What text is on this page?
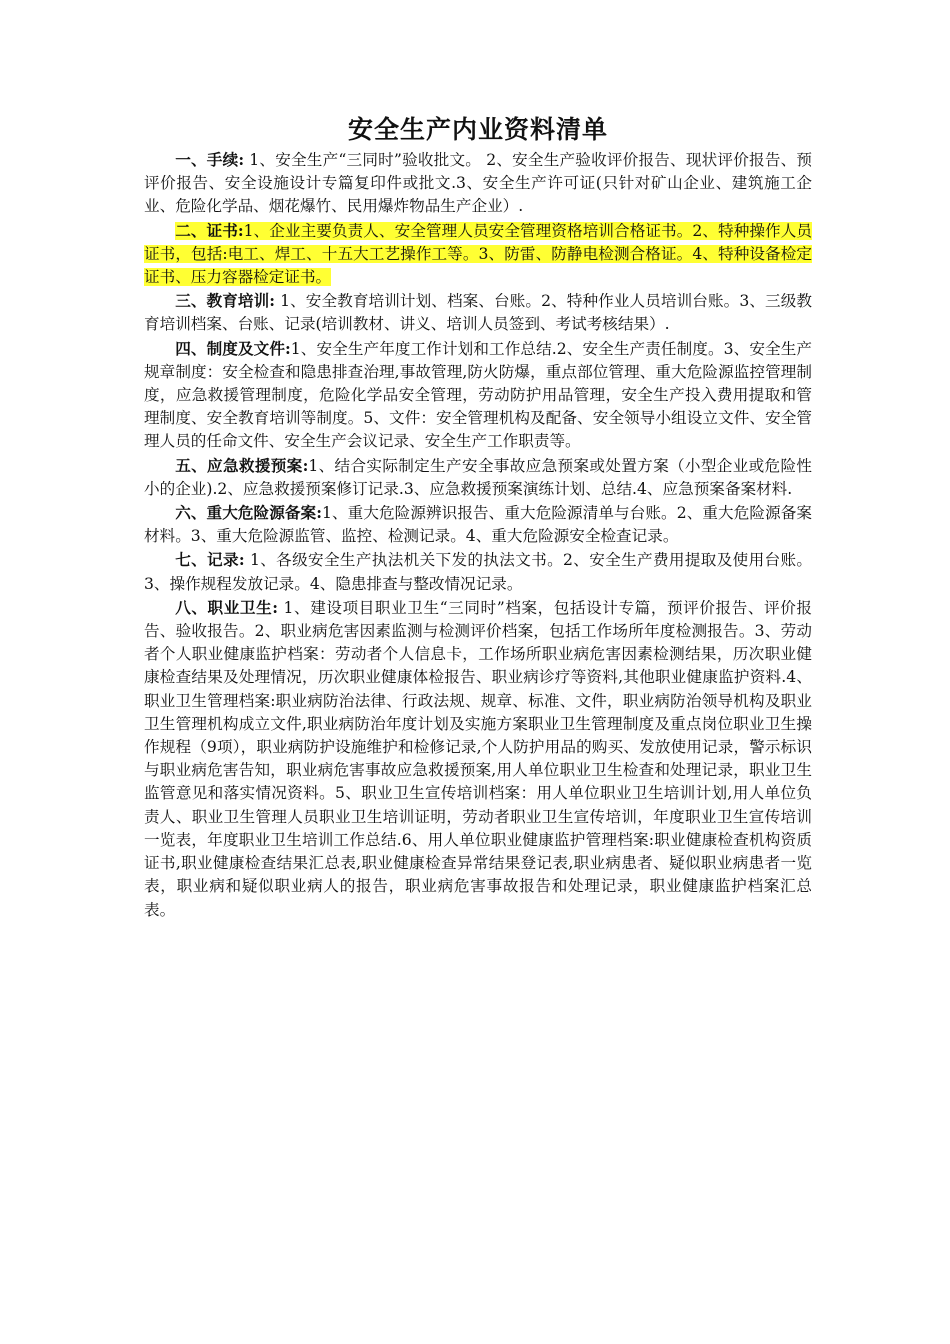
安全生产内业资料清单

一、手续: 1、安全生产“三同时”验收批文。 2、安全生产验收评价报告、现状评价报告、预评价报告、安全设施设计专篇复印件或批文.3、安全生产许可证(只针对矿山企业、建筑施工企业、危险化学品、烟花爆竹、民用爆炸物品生产企业）.

二、证书:1、企业主要负责人、安全管理人员安全管理资格培训合格证书。2、特种操作人员证书，包括:电工、焊工、十五大工艺操作工等。3、防雷、防静电检测合格证。4、特种设备检定证书、压力容器检定证书。

三、教育培训: 1、安全教育培训计划、档案、台账。2、特种作业人员培训台账。3、三级教育培训档案、台账、记录(培训教材、讲义、培训人员签到、考试考核结果）.

四、制度及文件:1、安全生产年度工作计划和工作总结.2、安全生产责任制度。3、安全生产规章制度：安全检查和隐患排查治理,事故管理,防火防爆，重点部位管理、重大危险源监控管理制度，应急救援管理制度，危险化学品安全管理，劳动防护用品管理，安全生产投入费用提取和管理制度、安全教育培训等制度。5、文件：安全管理机构及配备、安全领导小组设立文件、安全管理人员的任命文件、安全生产会议记录、安全生产工作职责等。

五、应急救援预案:1、结合实际制定生产安全事故应急预案或处置方案（小型企业或危险性小的企业).2、应急救援预案修订记录.3、应急救援预案演练计划、总结.4、应急预案备案材料.

六、重大危险源备案:1、重大危险源辨识报告、重大危险源清单与台账。2、重大危险源备案材料。3、重大危险源监管、监控、检测记录。4、重大危险源安全检查记录。

七、记录: 1、各级安全生产执法机关下发的执法文书。2、安全生产费用提取及使用台账。3、操作规程发放记录。4、隐患排查与整改情况记录。

八、职业卫生: 1、建设项目职业卫生“三同时”档案，包括设计专篇，预评价报告、评价报告、验收报告。2、职业病危害因素监测与检测评价档案，包括工作场所年度检测报告。3、劳动者个人职业健康监护档案：劳动者个人信息卡，工作场所职业病危害因素检测结果，历次职业健康检查结果及处理情况，历次职业健康体检报告、职业病诊疗等资料,其他职业健康监护资料.4、职业卫生管理档案:职业病防治法律、行政法规、规章、标准、文件，职业病防治领导机构及职业卫生管理机构成立文件,职业病防治年度计划及实施方案职业卫生管理制度及重点岗位职业卫生操作规程（9项），职业病防护设施维护和检修记录,个人防护用品的购买、发放使用记录，警示标识与职业病危害告知，职业病危害事故应急救援预案,用人单位职业卫生检查和处理记录，职业卫生监管意见和落实情况资料。5、职业卫生宣传培训档案：用人单位职业卫生培训计划,用人单位负责人、职业卫生管理人员职业卫生培训证明，劳动者职业卫生宣传培训，年度职业卫生宣传培训一览表，年度职业卫生培训工作总结.6、用人单位职业健康监护管理档案:职业健康检查机构资质证书,职业健康检查结果汇总表,职业健康检查异常结果登记表,职业病患者、疑似职业病患者一览表，职业病和疑似职业病人的报告，职业病危害事故报告和处理记录，职业健康监护档案汇总表。
